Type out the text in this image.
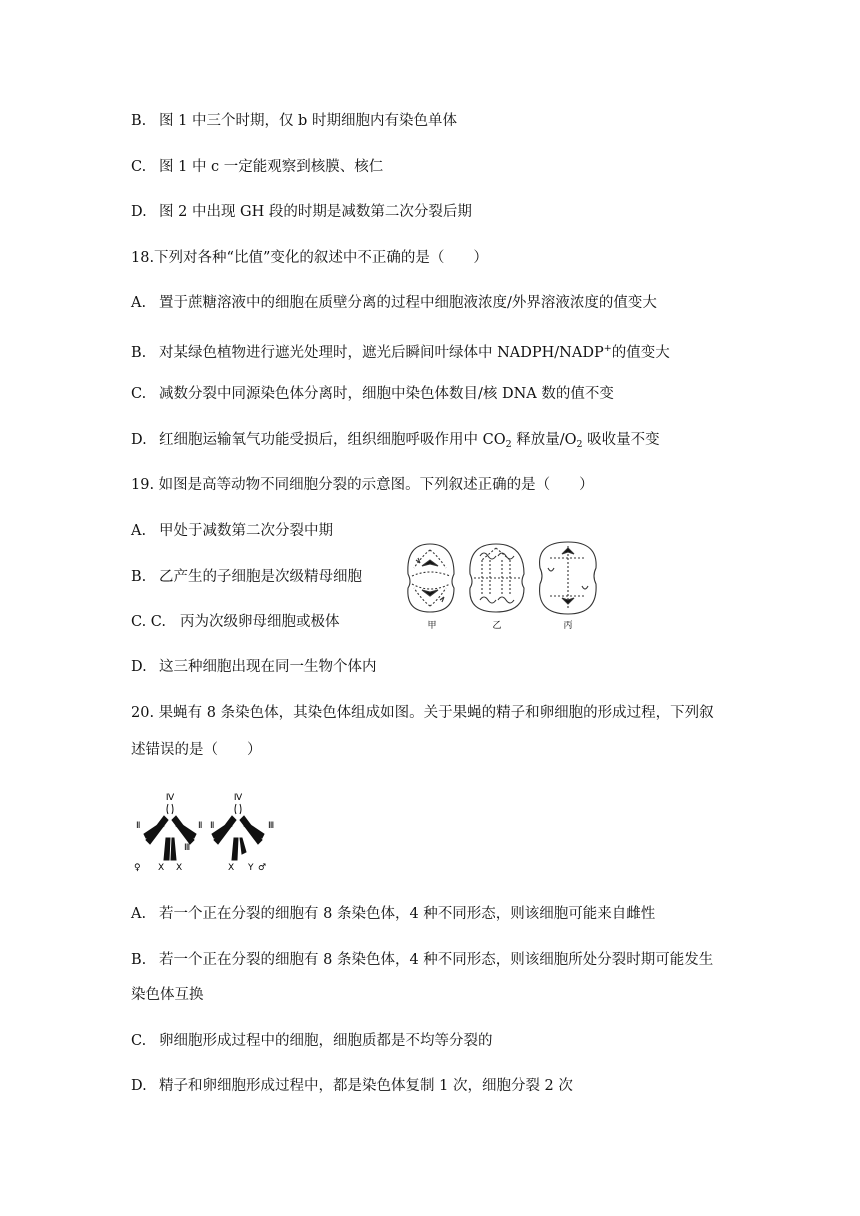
B. 图 1 中三个时期，仅 b 时期细胞内有染色单体
C. 图 1 中 c 一定能观察到核膜、核仁
D. 图 2 中出现 GH 段的时期是减数第二次分裂后期
18.下列对各种“比值”变化的叙述中不正确的是（　　）
A. 置于蔗糖溶液中的细胞在质壁分离的过程中细胞液浓度/外界溶液浓度的值变大
B. 对某绿色植物进行遮光处理时，遮光后瞬间叶绿体中 NADPH/NADP+的值变大
C. 减数分裂中同源染色体分离时，细胞中染色体数目/核 DNA 数的值不变
D. 红细胞运输氧气功能受损后，组织细胞呼吸作用中 $CO_2$ 释放量$/O_2$ 吸收量不变
19. 如图是高等动物不同细胞分裂的示意图。下列叙述正确的是（　　）
A. 甲处于减数第二次分裂中期
B. 乙产生的子细胞是次级精母细胞
C. C. 丙为次级卵母细胞或极体
D. 这三种细胞出现在同一生物个体内
甲	乙	丙
20. 果蝇有 8 条染色体，其染色体组成如图。关于果蝇的精子和卵细胞的形成过程，下列叙
述错误的是（　　）
Ⅳ	Ⅳ
Ⅱ	Ⅱ
Ⅲ
Ⅱ	Ⅲ
♀ X X	X Y ♂
A. 若一个正在分裂的细胞有 8 条染色体，4 种不同形态，则该细胞可能来自雌性
B. 若一个正在分裂的细胞有 8 条染色体，4 种不同形态，则该细胞所处分裂时期可能发生
染色体互换
C. 卵细胞形成过程中的细胞，细胞质都是不均等分裂的
D. 精子和卵细胞形成过程中，都是染色体复制 1 次，细胞分裂 2 次
